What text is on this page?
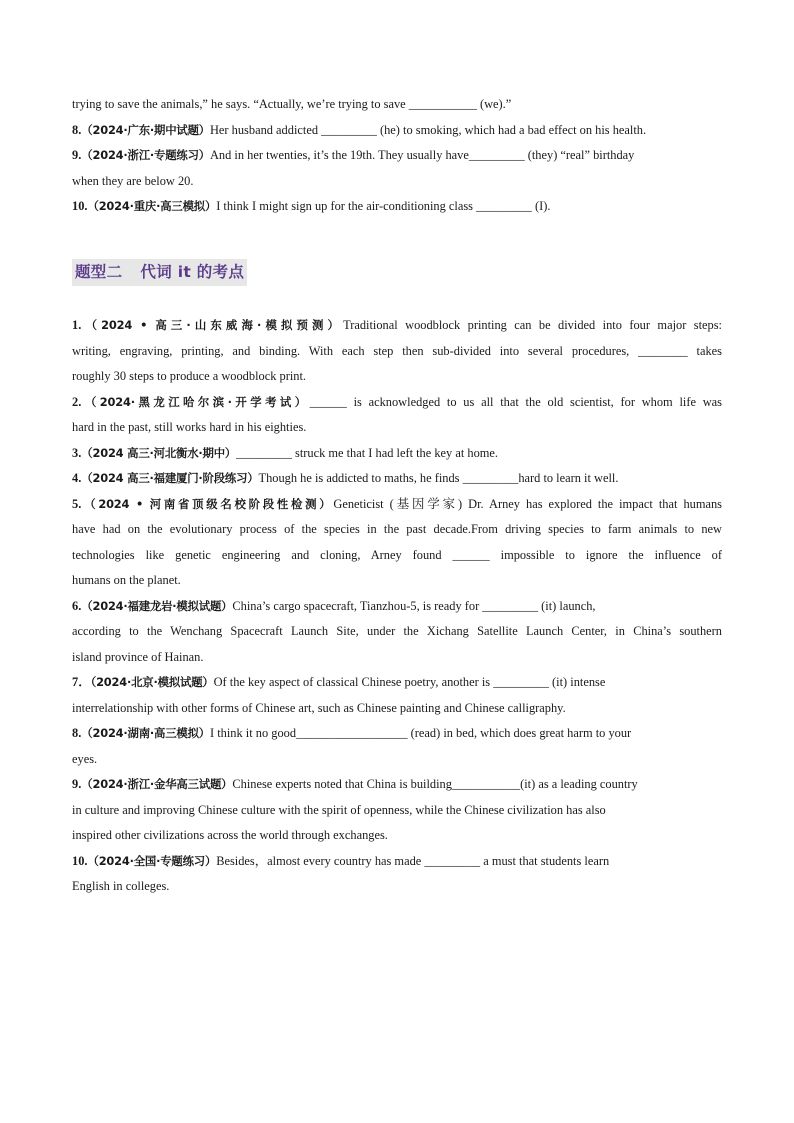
trying to save the animals,” he says. “Actually, we’re trying to save ___________ (we).”

8.（2024·广东·期中试题）Her husband addicted _________ (he) to smoking, which had a bad effect on his health.

9.（2024·浙江·专题练习）And in her twenties, it’s the 19th. They usually have_________ (they) “real” birthday

when they are below 20.

10.（2024·重庆·高三模拟）I think I might sign up for the air-conditioning class _________ (I).

题型二 代词 it 的考点

1.（2024 • 高三·山东威海·模拟预测）Traditional woodblock printing can be divided into four major steps:

writing, engraving, printing, and binding. With each step then sub-divided into several procedures, ________ takes

roughly 30 steps to produce a woodblock print.

2.（2024·黑龙江哈尔滨·开学考试）______ is acknowledged to us all that the old scientist, for whom life was

hard in the past, still works hard in his eighties.

3.（2024 高三·河北衡水·期中）_________ struck me that I had left the key at home.

4.（2024 高三·福建厦门·阶段练习）Though he is addicted to maths, he finds _________hard to learn it well.

5.（2024 • 河南省顶级名校阶段性检测）Geneticist (基因学家) Dr. Arney has explored the impact that humans

have had on the evolutionary process of the species in the past decade.From driving species to farm animals to new

technologies like genetic engineering and cloning, Arney found ______ impossible to ignore the influence of

humans on the planet.

6.（2024·福建龙岩·模拟试题）China’s cargo spacecraft, Tianzhou-5, is ready for _________ (it) launch,

according to the Wenchang Spacecraft Launch Site, under the Xichang Satellite Launch Center, in China’s southern

island province of Hainan.

7．（2024·北京·模拟试题）Of the key aspect of classical Chinese poetry, another is _________ (it) intense

interrelationship with other forms of Chinese art, such as Chinese painting and Chinese calligraphy.

8.（2024·湖南·高三模拟）I think it no good__________________ (read) in bed, which does great harm to your

eyes.

9.（2024·浙江·金华高三试题）Chinese experts noted that China is building___________(it) as a leading country

in culture and improving Chinese culture with the spirit of openness, while the Chinese civilization has also

inspired other civilizations across the world through exchanges.

10.（2024·全国·专题练习）Besides，almost every country has made _________ a must that students learn

English in colleges.
